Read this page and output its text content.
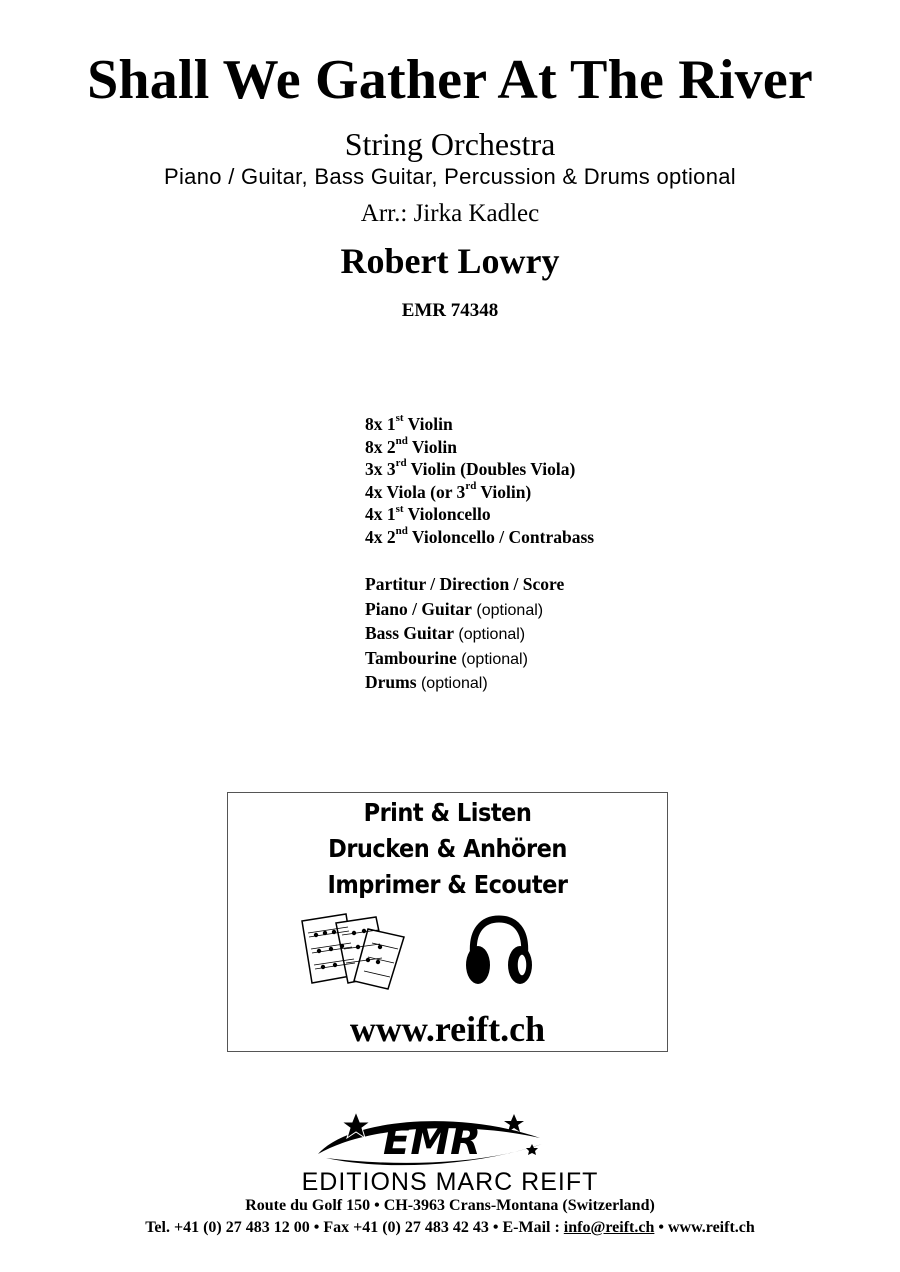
Shall We Gather At The River
String Orchestra
Piano / Guitar, Bass Guitar, Percussion & Drums optional
Arr.: Jirka Kadlec
Robert Lowry
EMR 74348
8x 1st Violin
8x 2nd Violin
3x 3rd Violin (Doubles Viola)
4x Viola (or 3rd Violin)
4x 1st Violoncello
4x 2nd Violoncello / Contrabass
Partitur / Direction / Score
Piano / Guitar (optional)
Bass Guitar (optional)
Tambourine (optional)
Drums (optional)
Print & Listen
Drucken & Anhören
Imprimer & Ecouter
www.reift.ch
EMR
EDITIONS MARC REIFT
Route du Golf 150 • CH-3963 Crans-Montana (Switzerland)
Tel. +41 (0) 27 483 12 00 • Fax +41 (0) 27 483 42 43 • E-Mail : info@reift.ch • www.reift.ch
